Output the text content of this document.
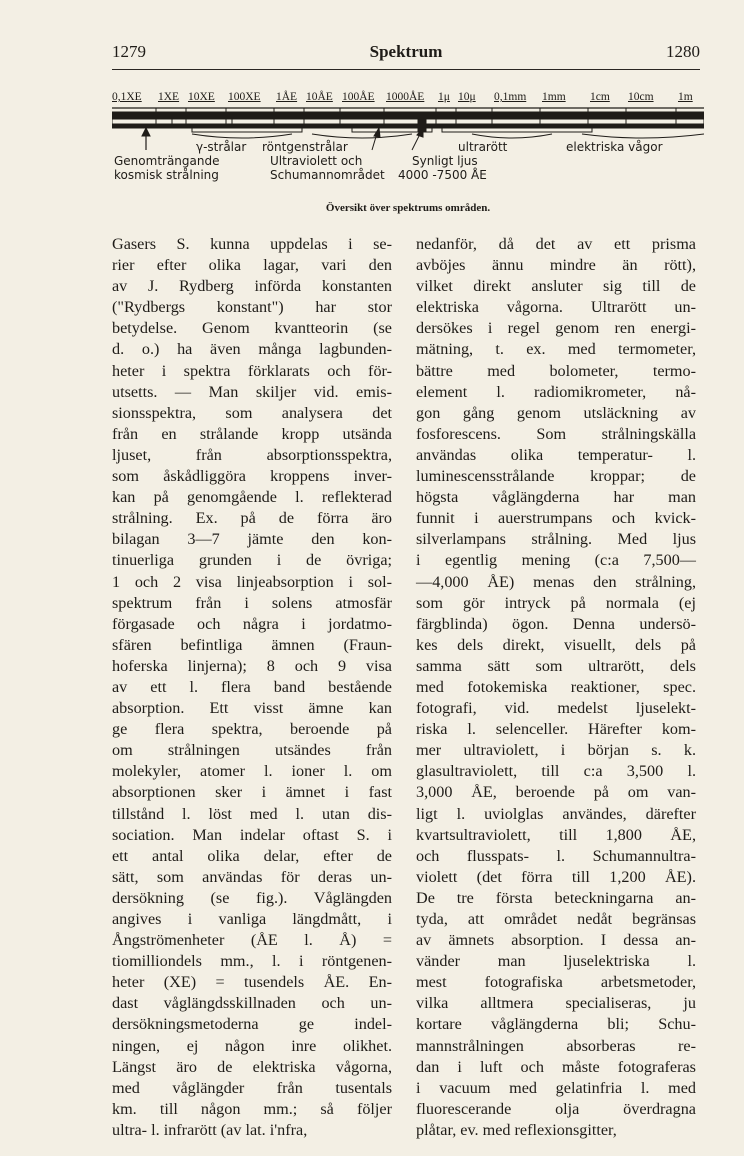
1279	Spektrum	1280
0,1XE 1XE 10XE 100XE 1ÅE 10ÅE 100ÅE 1000ÅE 1μ 10μ 0,1mm 1mm 1cm 10cm 1m
γ-strålar röntgenstrålar	ultrarött	elektriska vågor
Genomträngande
kosmisk strålning
Ultraviolett och
Schumannområdet
Synligt ljus
4000 -7500 ÅE
Översikt över spektrums områden.
Gasers S. kunna uppdelas i se-
rier efter olika lagar, vari den
av J. Rydberg införda konstanten
("Rydbergs konstant") har stor
betydelse. Genom kvantteorin (se
d. o.) ha även många lagbunden-
heter i spektra förklarats och för-
utsetts. — Man skiljer vid. emis-
sionsspektra, som analysera det
från en strålande kropp utsända
ljuset, från absorptionsspektra,
som åskådliggöra kroppens inver-
kan på genomgående l. reflekterad
strålning. Ex. på de förra äro
bilagan 3—7 jämte den kon-
tinuerliga grunden i de övriga;
1 och 2 visa linjeabsorption i sol-
spektrum från i solens atmosfär
förgasade och några i jordatmo-
sfären befintliga ämnen (Fraun-
hoferska linjerna); 8 och 9 visa
av ett l. flera band bestående
absorption. Ett visst ämne kan
ge flera spektra, beroende på
om strålningen utsändes från
molekyler, atomer l. ioner l. om
absorptionen sker i ämnet i fast
tillstånd l. löst med l. utan dis-
sociation. Man indelar oftast S. i
ett antal olika delar, efter de
sätt, som användas för deras un-
dersökning (se fig.). Våglängden
angives i vanliga längdmått, i
Ångströmenheter (ÅE l. Å) =
tiomilliondels mm., l. i röntgenen-
heter (XE) = tusendels ÅE. En-
dast våglängdsskillnaden och un-
dersökningsmetoderna ge indel-
ningen, ej någon inre olikhet.
Längst äro de elektriska vågorna,
med våglängder från tusentals
km. till någon mm.; så följer
ultra- l. infrarött (av lat. i'nfra,
nedanför, då det av ett prisma
avböjes ännu mindre än rött),
vilket direkt ansluter sig till de
elektriska vågorna. Ultrarött un-
dersökes i regel genom ren energi-
mätning, t. ex. med termometer,
bättre med bolometer, termo-
element l. radiomikrometer, nå-
gon gång genom utsläckning av
fosforescens. Som strålningskälla
användas olika temperatur- l.
luminescensstrålande kroppar; de
högsta våglängderna har man
funnit i auerstrumpans och kvick-
silverlampans strålning. Med ljus
i egentlig mening (c:a 7,500—
—4,000 ÅE) menas den strålning,
som gör intryck på normala (ej
färgblinda) ögon. Denna undersö-
kes dels direkt, visuellt, dels på
samma sätt som ultrarött, dels
med fotokemiska reaktioner, spec.
fotografi, vid. medelst ljuselekt-
riska l. selenceller. Härefter kom-
mer ultraviolett, i början s. k.
glasultraviolett, till c:a 3,500 l.
3,000 ÅE, beroende på om van-
ligt l. uviolglas användes, därefter
kvartsultraviolett, till 1,800 ÅE,
och flusspats- l. Schumannultra-
violett (det förra till 1,200 ÅE).
De tre första beteckningarna an-
tyda, att området nedåt begränsas
av ämnets absorption. I dessa an-
vänder man ljuselektriska l.
mest fotografiska arbetsmetoder,
vilka alltmera specialiseras, ju
kortare våglängderna bli; Schu-
mannstrålningen absorberas re-
dan i luft och måste fotograferas
i vacuum med gelatinfria l. med
fluorescerande olja överdragna
plåtar, ev. med reflexionsgitter,
